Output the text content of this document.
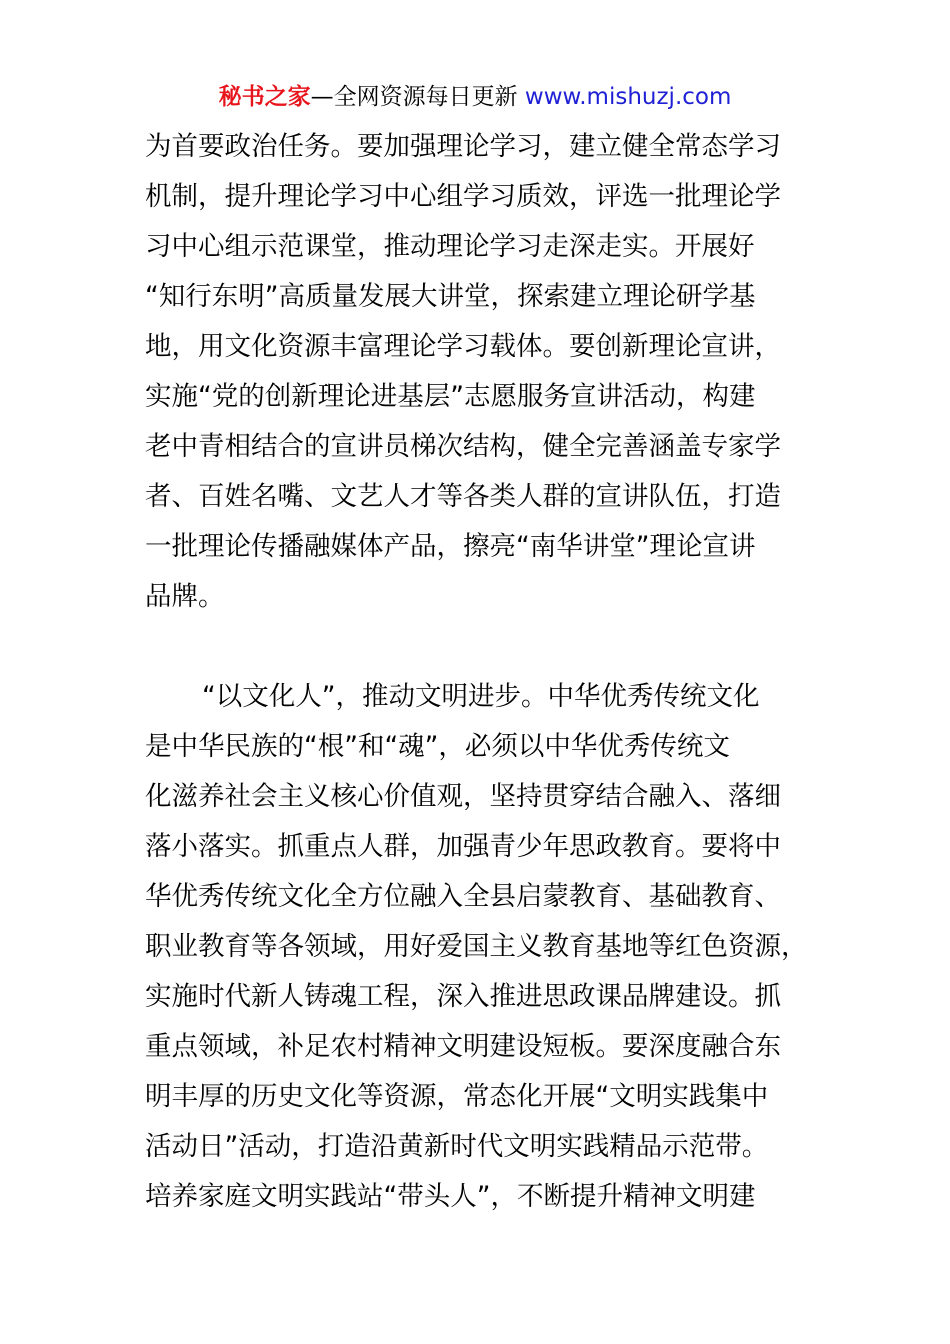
秘书之家—全网资源每日更新 www.mishuzj.com
为首要政治任务。要加强理论学习，建立健全常态学习
机制，提升理论学习中心组学习质效，评选一批理论学
习中心组示范课堂，推动理论学习走深走实。开展好
“知行东明”高质量发展大讲堂，探索建立理论研学基
地，用文化资源丰富理论学习载体。要创新理论宣讲，
实施“党的创新理论进基层”志愿服务宣讲活动，构建
老中青相结合的宣讲员梯次结构，健全完善涵盖专家学
者、百姓名嘴、文艺人才等各类人群的宣讲队伍，打造
一批理论传播融媒体产品，擦亮“南华讲堂”理论宣讲
品牌。
“以文化人”，推动文明进步。中华优秀传统文化
是中华民族的“根”和“魂”，必须以中华优秀传统文
化滋养社会主义核心价值观，坚持贯穿结合融入、落细
落小落实。抓重点人群，加强青少年思政教育。要将中
华优秀传统文化全方位融入全县启蒙教育、基础教育、
职业教育等各领域，用好爱国主义教育基地等红色资源，
实施时代新人铸魂工程，深入推进思政课品牌建设。抓
重点领域，补足农村精神文明建设短板。要深度融合东
明丰厚的历史文化等资源，常态化开展“文明实践集中
活动日”活动，打造沿黄新时代文明实践精品示范带。
培养家庭文明实践站“带头人”，不断提升精神文明建
